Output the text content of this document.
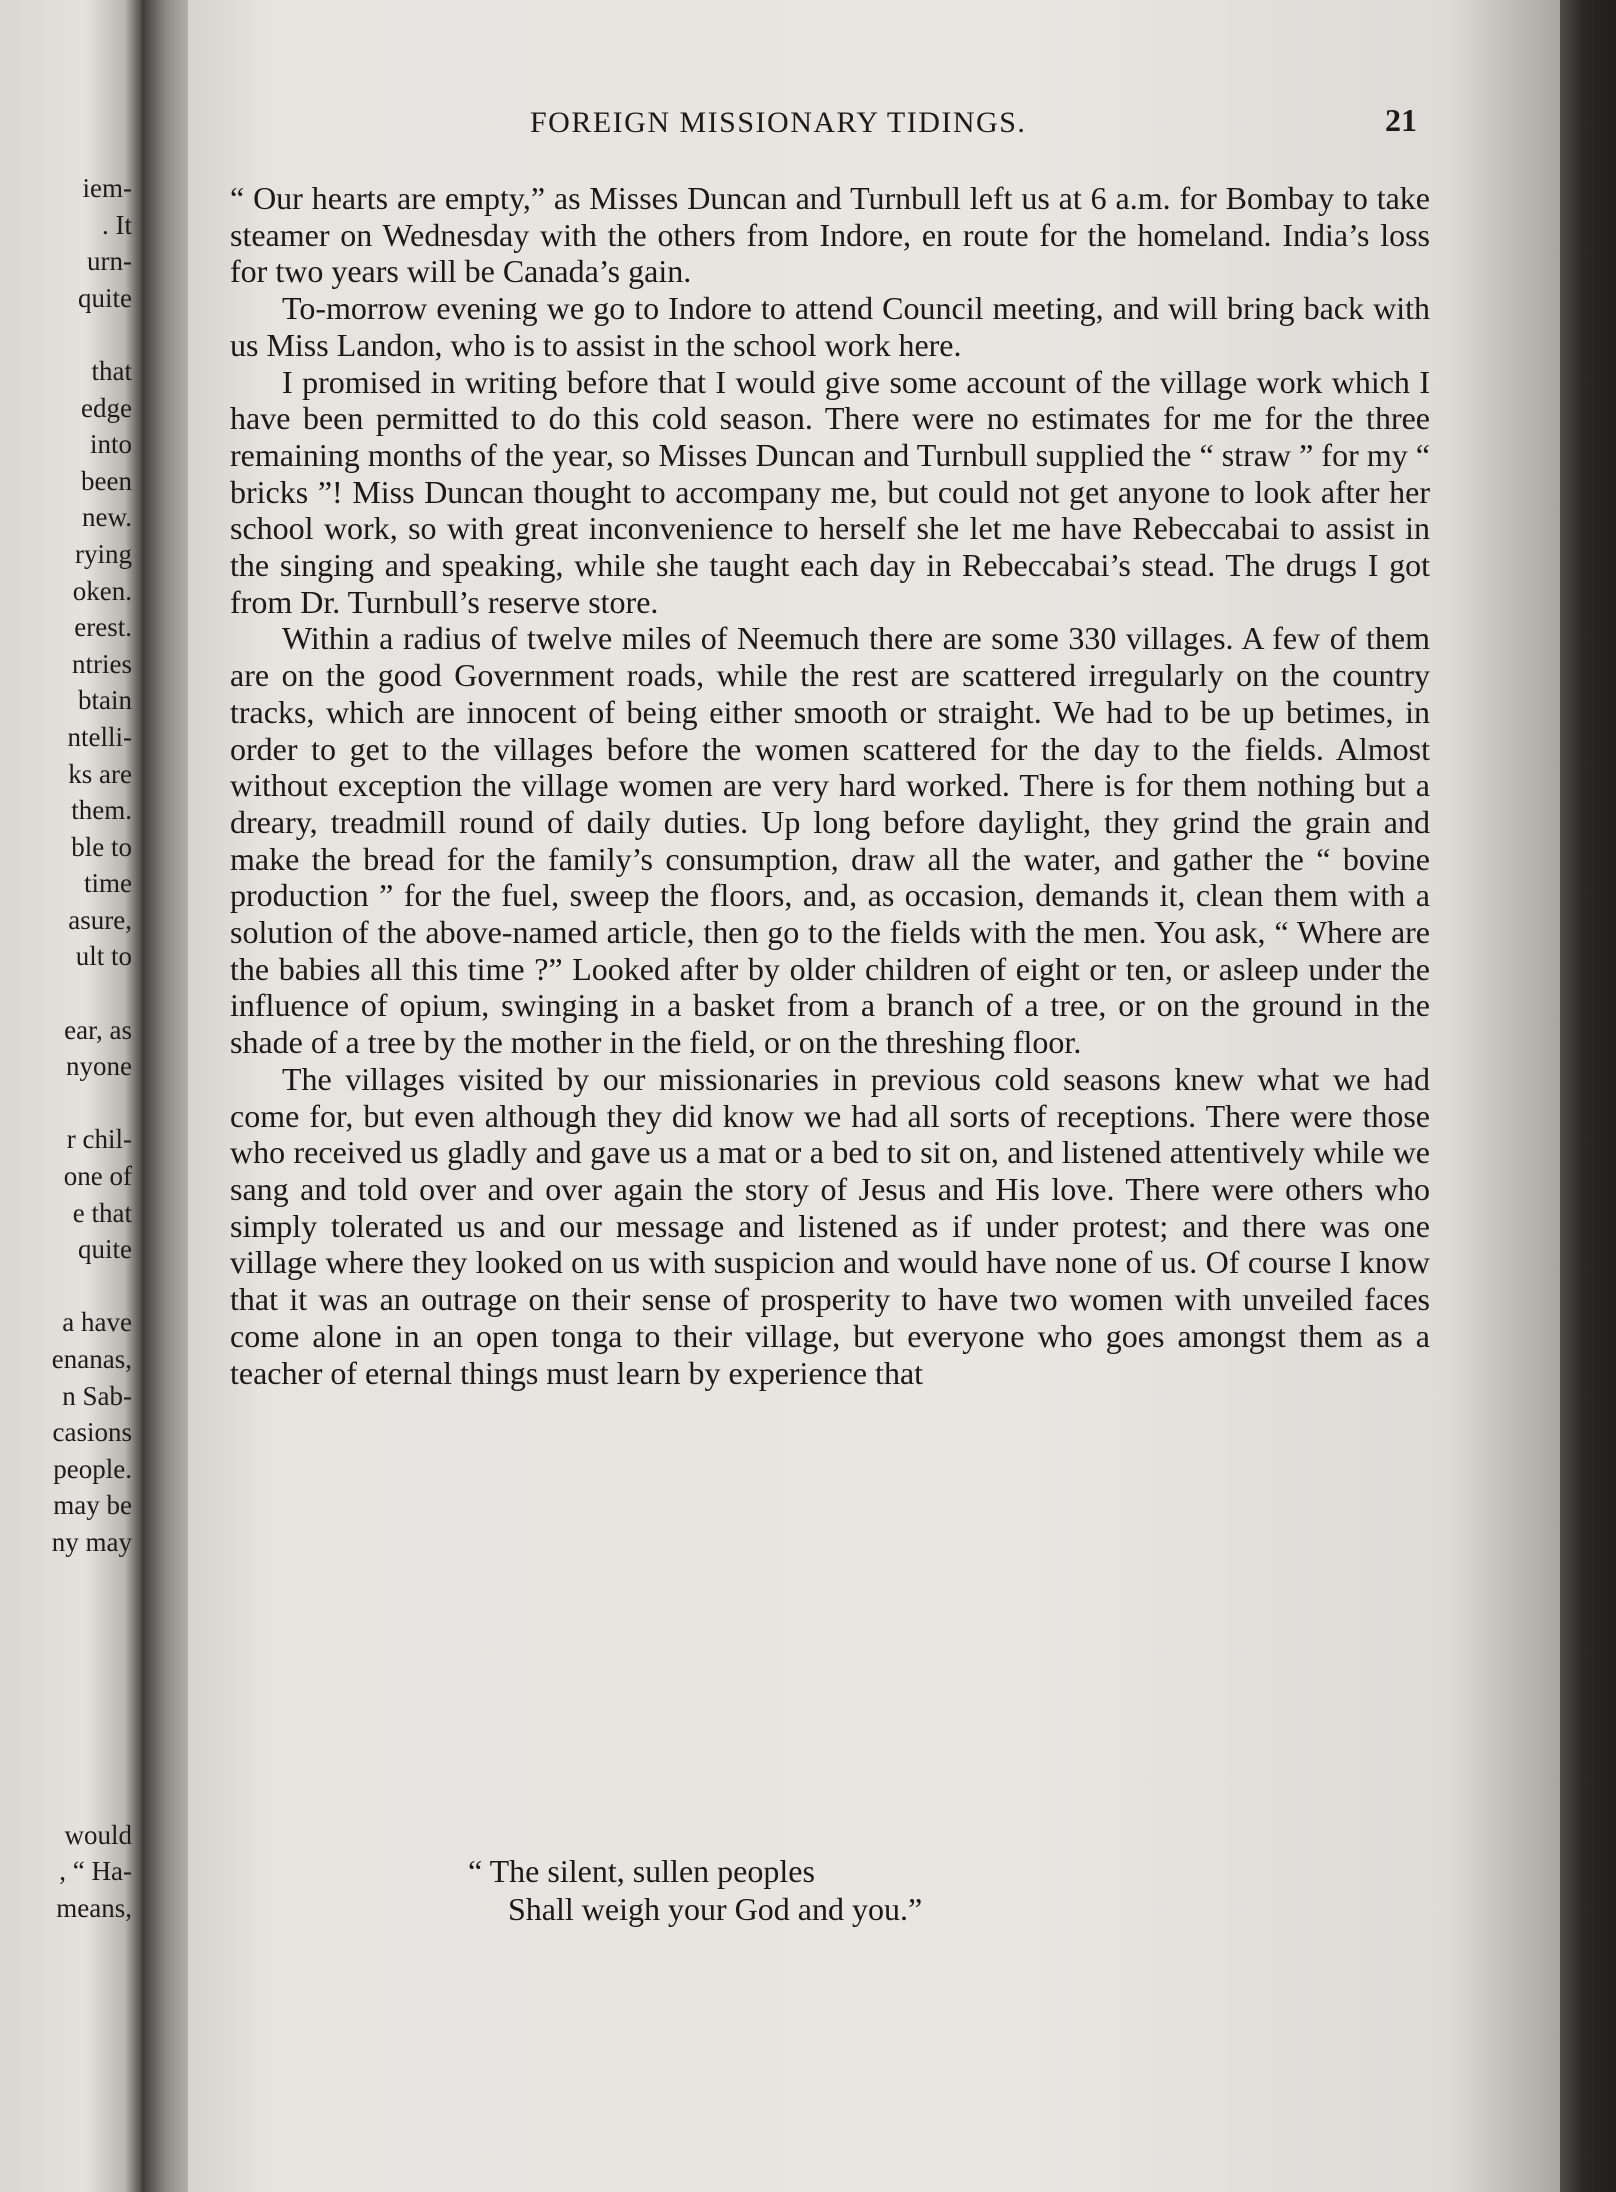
iem-
. It
urn-
quite
that
edge
into
been
new.
rying
oken.
erest.
ntries
btain
ntelli-
ks are
them.
ble to
time
asure,
ult to
ear, as
nyone
r chil-
one of
e that
quite
a have
enanas,
n Sab-
casions
people.
may be
ny may
would
, “ Ha-
means,
FOREIGN MISSIONARY TIDINGS.	21

“ Our hearts are empty,” as Misses Duncan and Turnbull left us at 6 a.m. for Bombay to take steamer on Wednesday with the others from Indore, en route for the homeland. India’s loss for two years will be Canada’s gain.

To-morrow evening we go to Indore to attend Council meeting, and will bring back with us Miss Landon, who is to assist in the school work here.

I promised in writing before that I would give some account of the village work which I have been permitted to do this cold season. There were no estimates for me for the three remaining months of the year, so Misses Duncan and Turnbull supplied the “ straw ” for my “ bricks ”! Miss Duncan thought to accompany me, but could not get anyone to look after her school work, so with great inconvenience to herself she let me have Rebeccabai to assist in the singing and speaking, while she taught each day in Rebeccabai’s stead. The drugs I got from Dr. Turnbull’s reserve store.

Within a radius of twelve miles of Neemuch there are some 330 villages. A few of them are on the good Government roads, while the rest are scattered irregularly on the country tracks, which are innocent of being either smooth or straight. We had to be up betimes, in order to get to the villages before the women scattered for the day to the fields. Almost without exception the village women are very hard worked. There is for them nothing but a dreary, treadmill round of daily duties. Up long before daylight, they grind the grain and make the bread for the family’s consumption, draw all the water, and gather the “ bovine production ” for the fuel, sweep the floors, and, as occasion, demands it, clean them with a solution of the above-named article, then go to the fields with the men. You ask, “ Where are the babies all this time ?” Looked after by older children of eight or ten, or asleep under the influence of opium, swinging in a basket from a branch of a tree, or on the ground in the shade of a tree by the mother in the field, or on the threshing floor.

The villages visited by our missionaries in previous cold seasons knew what we had come for, but even although they did know we had all sorts of receptions. There were those who received us gladly and gave us a mat or a bed to sit on, and listened attentively while we sang and told over and over again the story of Jesus and His love. There were others who simply tolerated us and our message and listened as if under protest; and there was one village where they looked on us with suspicion and would have none of us. Of course I know that it was an outrage on their sense of prosperity to have two women with unveiled faces come alone in an open tonga to their village, but everyone who goes amongst them as a teacher of eternal things must learn by experience that

“ The silent, sullen peoples
Shall weigh your God and you.”
